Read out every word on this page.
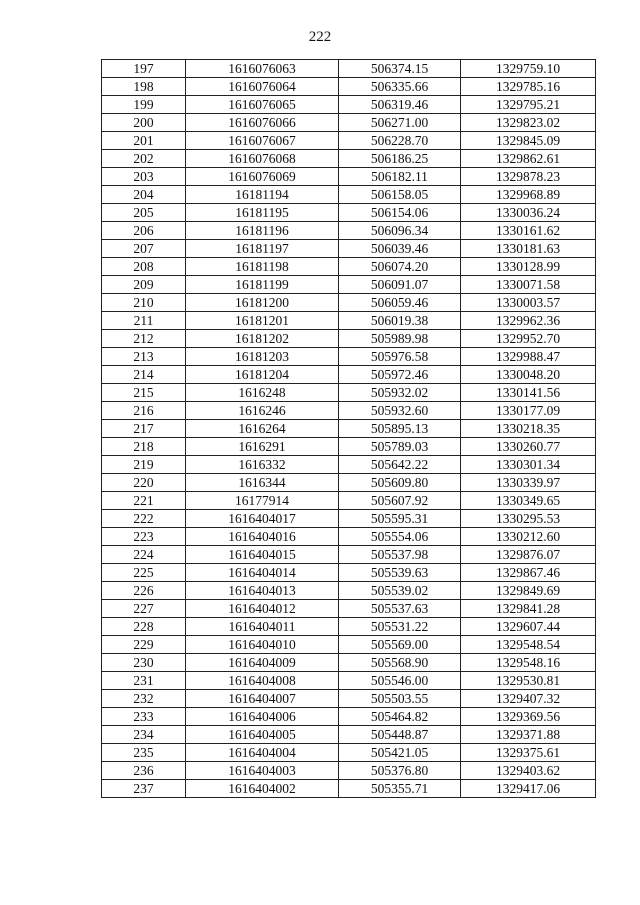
222
197	1616076063	506374.15	1329759.10
198	1616076064	506335.66	1329785.16
199	1616076065	506319.46	1329795.21
200	1616076066	506271.00	1329823.02
201	1616076067	506228.70	1329845.09
202	1616076068	506186.25	1329862.61
203	1616076069	506182.11	1329878.23
204	16181194	506158.05	1329968.89
205	16181195	506154.06	1330036.24
206	16181196	506096.34	1330161.62
207	16181197	506039.46	1330181.63
208	16181198	506074.20	1330128.99
209	16181199	506091.07	1330071.58
210	16181200	506059.46	1330003.57
211	16181201	506019.38	1329962.36
212	16181202	505989.98	1329952.70
213	16181203	505976.58	1329988.47
214	16181204	505972.46	1330048.20
215	1616248	505932.02	1330141.56
216	1616246	505932.60	1330177.09
217	1616264	505895.13	1330218.35
218	1616291	505789.03	1330260.77
219	1616332	505642.22	1330301.34
220	1616344	505609.80	1330339.97
221	16177914	505607.92	1330349.65
222	1616404017	505595.31	1330295.53
223	1616404016	505554.06	1330212.60
224	1616404015	505537.98	1329876.07
225	1616404014	505539.63	1329867.46
226	1616404013	505539.02	1329849.69
227	1616404012	505537.63	1329841.28
228	1616404011	505531.22	1329607.44
229	1616404010	505569.00	1329548.54
230	1616404009	505568.90	1329548.16
231	1616404008	505546.00	1329530.81
232	1616404007	505503.55	1329407.32
233	1616404006	505464.82	1329369.56
234	1616404005	505448.87	1329371.88
235	1616404004	505421.05	1329375.61
236	1616404003	505376.80	1329403.62
237	1616404002	505355.71	1329417.06
